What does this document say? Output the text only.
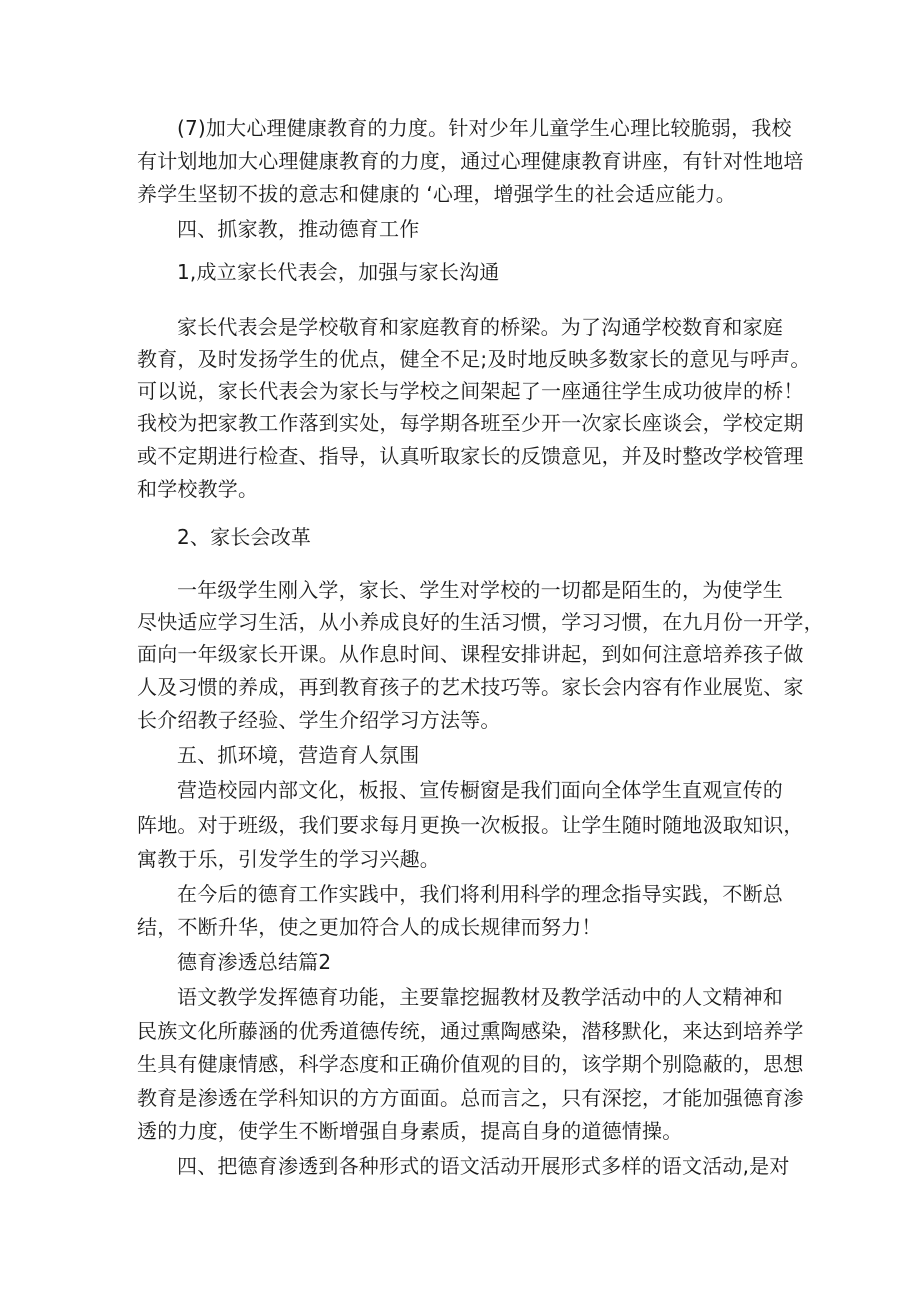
(7)加大心理健康教育的力度。针对少年儿童学生心理比较脆弱，我校
有计划地加大心理健康教育的力度，通过心理健康教育讲座，有针对性地培
养学生坚韧不拔的意志和健康的 ‘心理，增强学生的社会适应能力。
四、抓家教，推动德育工作
1,成立家长代表会，加强与家长沟通
家长代表会是学校敬育和家庭教育的桥梁。为了沟通学校数育和家庭
教育，及时发扬学生的优点，健全不足;及时地反映多数家长的意见与呼声。
可以说，家长代表会为家长与学校之间架起了一座通往学生成功彼岸的桥！
我校为把家教工作落到实处，每学期各班至少开一次家长座谈会，学校定期
或不定期进行检查、指导，认真听取家长的反馈意见，并及时整改学校管理
和学校教学。
2、家长会改革
一年级学生刚入学，家长、学生对学校的一切都是陌生的，为使学生
尽快适应学习生活，从小养成良好的生活习惯，学习习惯，在九月份一开学，
面向一年级家长开课。从作息时间、课程安排讲起，到如何注意培养孩子做
人及习惯的养成，再到教育孩子的艺术技巧等。家长会内容有作业展览、家
长介绍教子经验、学生介绍学习方法等。
五、抓环境，营造育人氛围
营造校园内部文化，板报、宣传橱窗是我们面向全体学生直观宣传的
阵地。对于班级，我们要求每月更换一次板报。让学生随时随地汲取知识，
寓教于乐，引发学生的学习兴趣。
在今后的德育工作实践中，我们将利用科学的理念指导实践，不断总
结，不断升华，使之更加符合人的成长规律而努力！
德育渗透总结篇2
语文教学发挥德育功能，主要靠挖掘教材及教学活动中的人文精神和
民族文化所藤涵的优秀道德传统，通过熏陶感染，潜移默化，来达到培养学
生具有健康情感，科学态度和正确价值观的目的，该学期个别隐蔽的，思想
教育是渗透在学科知识的方方面面。总而言之，只有深挖，才能加强德育渗
透的力度，使学生不断增强自身素质，提高自身的道德情操。
四、把德育渗透到各种形式的语文活动开展形式多样的语文活动,是对
